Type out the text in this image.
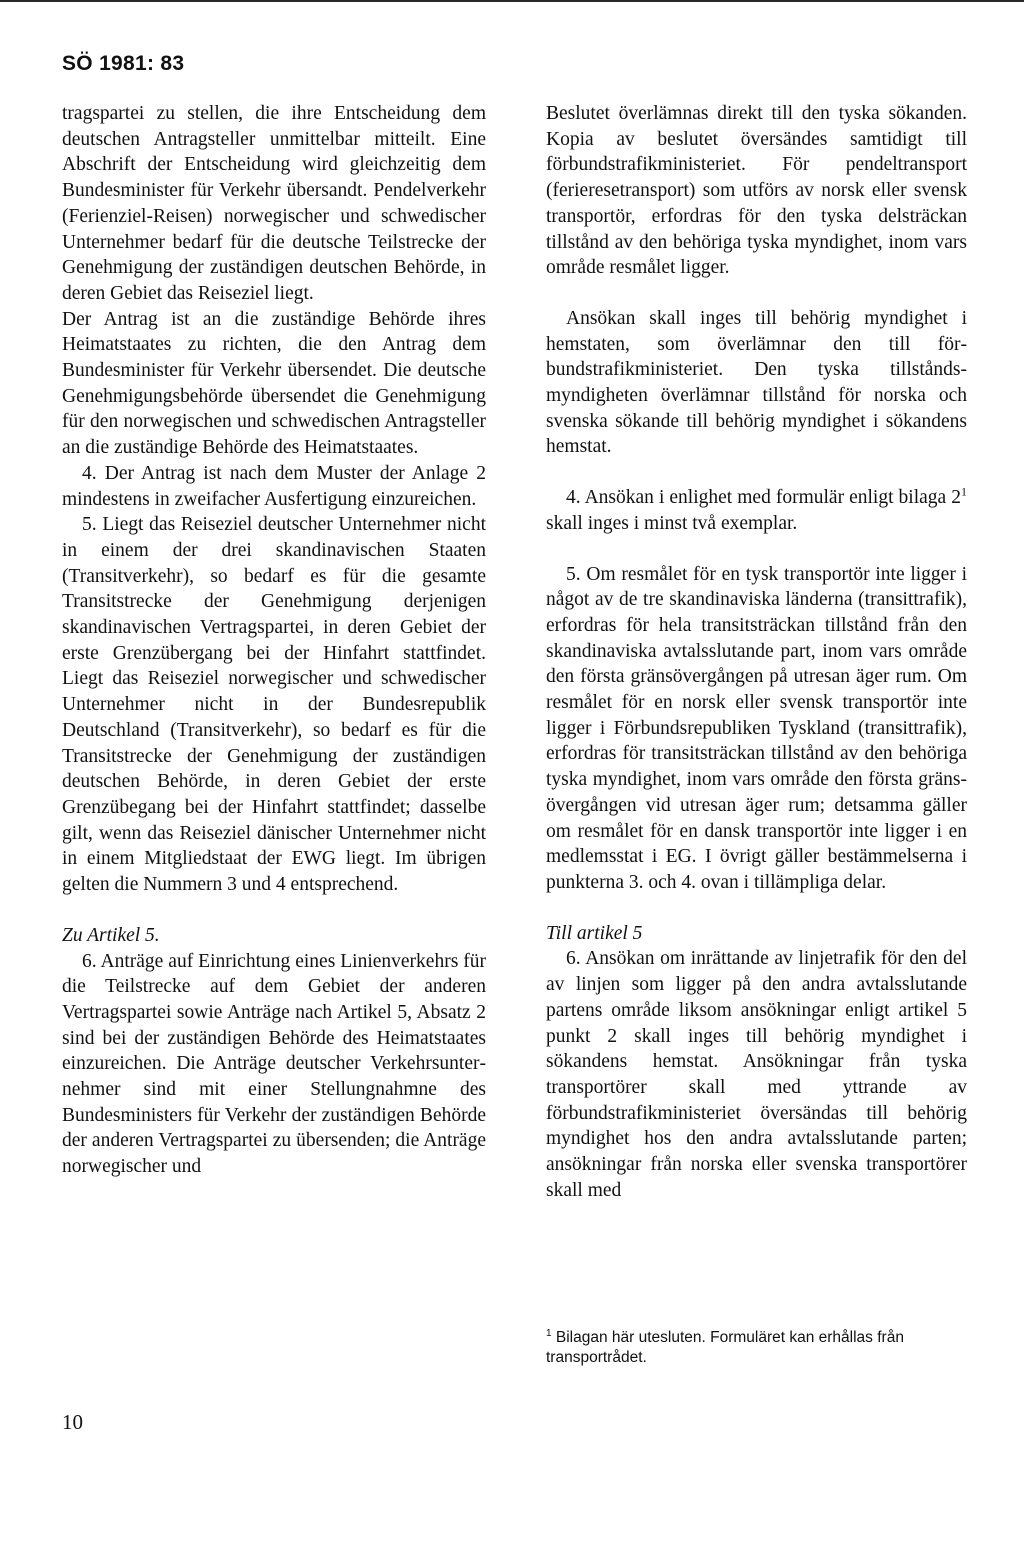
SÖ 1981: 83

tragspartei zu stellen, die ihre Entscheidung dem deutschen Antragsteller unmittelbar mitteilt. Eine Abschrift der Entscheidung wird gleichzeitig dem Bundesminister für Verkehr übersandt. Pendelverkehr (Ferienziel-Reisen) norwegischer und schwedischer Unternehmer bedarf für die deutsche Teilstrecke der Genehmigung der zuständigen deutschen Behörde, in deren Gebiet das Reiseziel liegt.

Der Antrag ist an die zuständige Behörde ihres Heimatstaates zu richten, die den Antrag dem Bundesminister für Verkehr übersendet. Die deutsche Genehmigungsbehörde übersendet die Genehmigung für den norwegischen und schwedischen Antragsteller an die zuständige Behörde des Heimatstaates.

4. Der Antrag ist nach dem Muster der Anlage 2 mindestens in zweifacher Ausfertigung einzureichen.

5. Liegt das Reiseziel deutscher Unternehmer nicht in einem der drei skandinavischen Staaten (Transitverkehr), so bedarf es für die gesamte Transitstrecke der Genehmigung derjenigen skandinavischen Vertragspartei, in deren Gebiet der erste Grenzübergang bei der Hinfahrt stattfindet. Liegt das Reiseziel norwegischer und schwedischer Unternehmer nicht in der Bundesrepublik Deutschland (Transitverkehr), so bedarf es für die Transitstrecke der Genehmigung der zuständigen deutschen Behörde, in deren Gebiet der erste Grenzübegang bei der Hinfahrt stattfindet; dasselbe gilt, wenn das Reiseziel dänischer Unternehmer nicht in einem Mitgliedstaat der EWG liegt. Im übrigen gelten die Nummern 3 und 4 entsprechend.

Zu Artikel 5.

6. Anträge auf Einrichtung eines Linienverkehrs für die Teilstrecke auf dem Gebiet der anderen Vertragspartei sowie Anträge nach Artikel 5, Absatz 2 sind bei der zuständigen Behörde des Heimatstaates einzureichen. Die Anträge deutscher Verkehrsunternehmer sind mit einer Stellungnahmne des Bundesministers für Verkehr der zuständigen Behörde der anderen Vertragspartei zu übersenden; die Anträge norwegischer und

Beslutet överlämnas direkt till den tyska sökanden. Kopia av beslutet översändes samtidigt till förbundstrafikministeriet. För pendeltransport (ferieresetransport) som utförs av norsk eller svensk transportör, erfordras för den tyska delsträckan tillstånd av den behöriga tyska myndighet, inom vars område resmålet ligger.

Ansökan skall inges till behörig myndighet i hemstaten, som överlämnar den till förbundstrafikministeriet. Den tyska tillståndsmyndigheten överlämnar tillstånd för norska och svenska sökande till behörig myndighet i sökandens hemstat.

4. Ansökan i enlighet med formulär enligt bilaga $2^1$ skall inges i minst två exemplar.

5. Om resmålet för en tysk transportör inte ligger i något av de tre skandinaviska länderna (transittrafik), erfordras för hela transitsträckan tillstånd från den skandinaviska avtalsslutande part, inom vars område den första gränsövergången på utresan äger rum. Om resmålet för en norsk eller svensk transportör inte ligger i Förbundsrepubliken Tyskland (transittrafik), erfordras för transitsträckan tillstånd av den behöriga tyska myndighet, inom vars område den första gränsövergången vid utresan äger rum; detsamma gäller om resmålet för en dansk transportör inte ligger i en medlemsstat i EG. I övrigt gäller bestämmelserna i punkterna 3. och 4. ovan i tillämpliga delar.

Till artikel 5

6. Ansökan om inrättande av linjetrafik för den del av linjen som ligger på den andra avtalsslutande partens område liksom ansökningar enligt artikel 5 punkt 2 skall inges till behörig myndighet i sökandens hemstat. Ansökningar från tyska transportörer skall med yttrande av förbundstrafikministeriet översändas till behörig myndighet hos den andra avtalsslutande parten; ansökningar från norska eller svenska transportörer skall med

$^1$ Bilagan här utesluten. Formuläret kan erhållas från transportrådet.
10
